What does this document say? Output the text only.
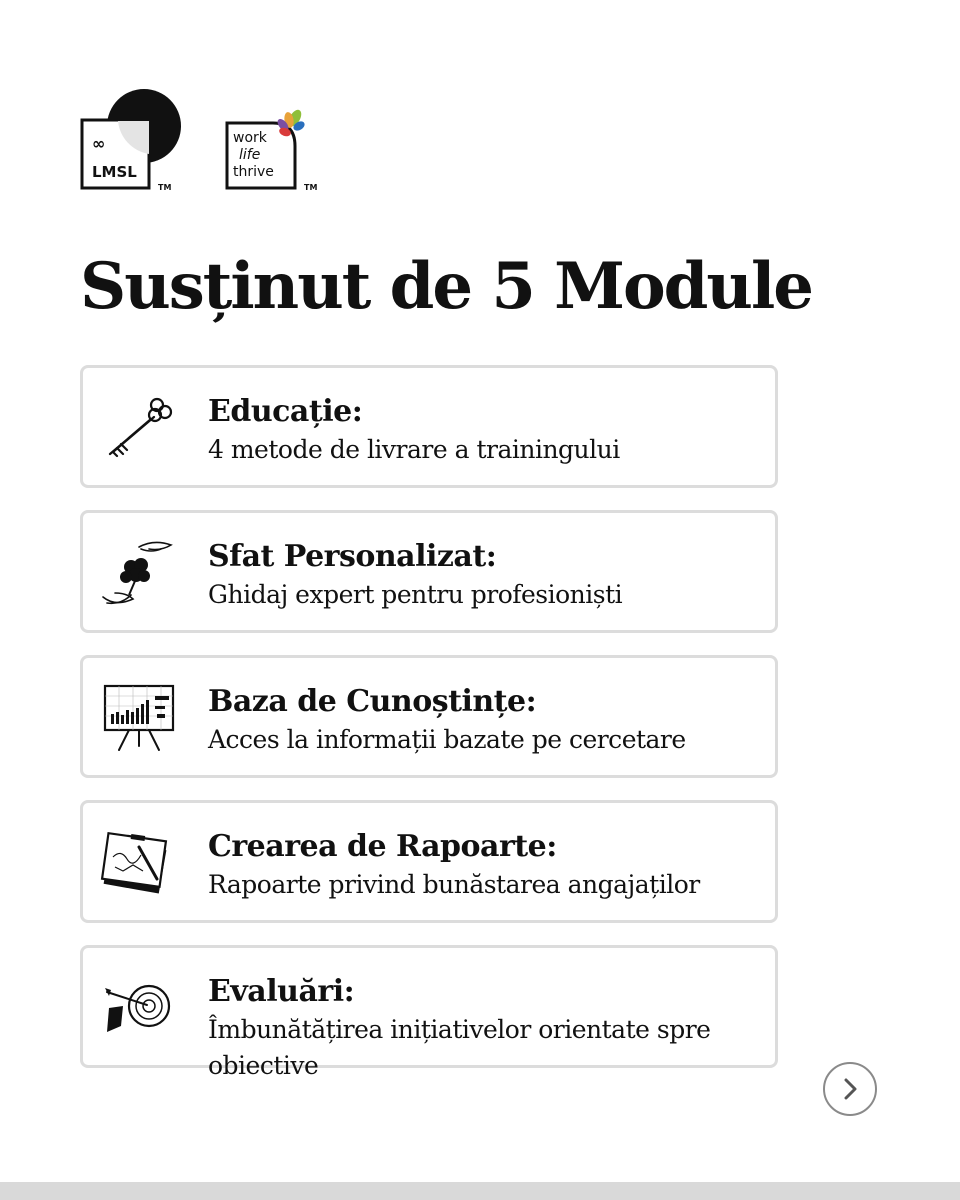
∞
LMSL
TM
work
life
thrive
TM
Susținut de 5 Module
Educație:
4 metode de livrare a trainingului
Sfat Personalizat:
Ghidaj expert pentru profesioniști
Baza de Cunoștințe:
Acces la informații bazate pe cercetare
Crearea de Rapoarte:
Rapoarte privind bunăstarea angajaților
Evaluări:
Îmbunătățirea inițiativelor orientate spre obiective
